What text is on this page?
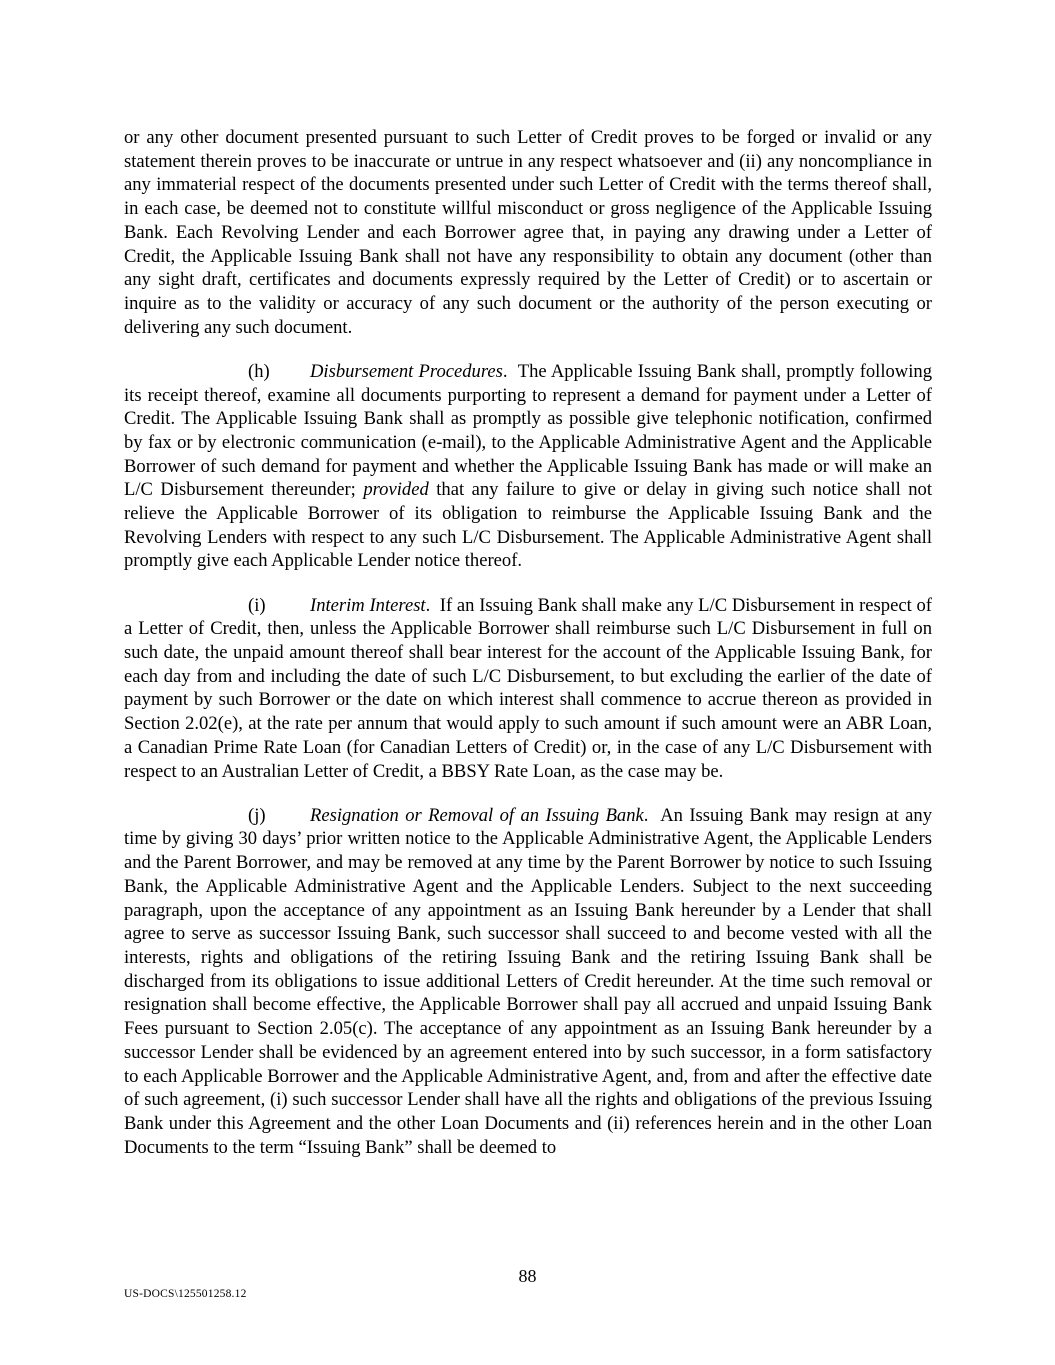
or any other document presented pursuant to such Letter of Credit proves to be forged or invalid or any statement therein proves to be inaccurate or untrue in any respect whatsoever and (ii) any noncompliance in any immaterial respect of the documents presented under such Letter of Credit with the terms thereof shall, in each case, be deemed not to constitute willful misconduct or gross negligence of the Applicable Issuing Bank. Each Revolving Lender and each Borrower agree that, in paying any drawing under a Letter of Credit, the Applicable Issuing Bank shall not have any responsibility to obtain any document (other than any sight draft, certificates and documents expressly required by the Letter of Credit) or to ascertain or inquire as to the validity or accuracy of any such document or the authority of the person executing or delivering any such document.

(h) Disbursement Procedures.  The Applicable Issuing Bank shall, promptly following its receipt thereof, examine all documents purporting to represent a demand for payment under a Letter of Credit. The Applicable Issuing Bank shall as promptly as possible give telephonic notification, confirmed by fax or by electronic communication (e-mail), to the Applicable Administrative Agent and the Applicable Borrower of such demand for payment and whether the Applicable Issuing Bank has made or will make an L/C Disbursement thereunder; provided that any failure to give or delay in giving such notice shall not relieve the Applicable Borrower of its obligation to reimburse the Applicable Issuing Bank and the Revolving Lenders with respect to any such L/C Disbursement. The Applicable Administrative Agent shall promptly give each Applicable Lender notice thereof.

(i) Interim Interest.  If an Issuing Bank shall make any L/C Disbursement in respect of a Letter of Credit, then, unless the Applicable Borrower shall reimburse such L/C Disbursement in full on such date, the unpaid amount thereof shall bear interest for the account of the Applicable Issuing Bank, for each day from and including the date of such L/C Disbursement, to but excluding the earlier of the date of payment by such Borrower or the date on which interest shall commence to accrue thereon as provided in Section 2.02(e), at the rate per annum that would apply to such amount if such amount were an ABR Loan, a Canadian Prime Rate Loan (for Canadian Letters of Credit) or, in the case of any L/C Disbursement with respect to an Australian Letter of Credit, a BBSY Rate Loan, as the case may be.

(j) Resignation or Removal of an Issuing Bank.  An Issuing Bank may resign at any time by giving 30 days’ prior written notice to the Applicable Administrative Agent, the Applicable Lenders and the Parent Borrower, and may be removed at any time by the Parent Borrower by notice to such Issuing Bank, the Applicable Administrative Agent and the Applicable Lenders. Subject to the next succeeding paragraph, upon the acceptance of any appointment as an Issuing Bank hereunder by a Lender that shall agree to serve as successor Issuing Bank, such successor shall succeed to and become vested with all the interests, rights and obligations of the retiring Issuing Bank and the retiring Issuing Bank shall be discharged from its obligations to issue additional Letters of Credit hereunder. At the time such removal or resignation shall become effective, the Applicable Borrower shall pay all accrued and unpaid Issuing Bank Fees pursuant to Section 2.05(c). The acceptance of any appointment as an Issuing Bank hereunder by a successor Lender shall be evidenced by an agreement entered into by such successor, in a form satisfactory to each Applicable Borrower and the Applicable Administrative Agent, and, from and after the effective date of such agreement, (i) such successor Lender shall have all the rights and obligations of the previous Issuing Bank under this Agreement and the other Loan Documents and (ii) references herein and in the other Loan Documents to the term “Issuing Bank” shall be deemed to

88
US-DOCS\125501258.12
